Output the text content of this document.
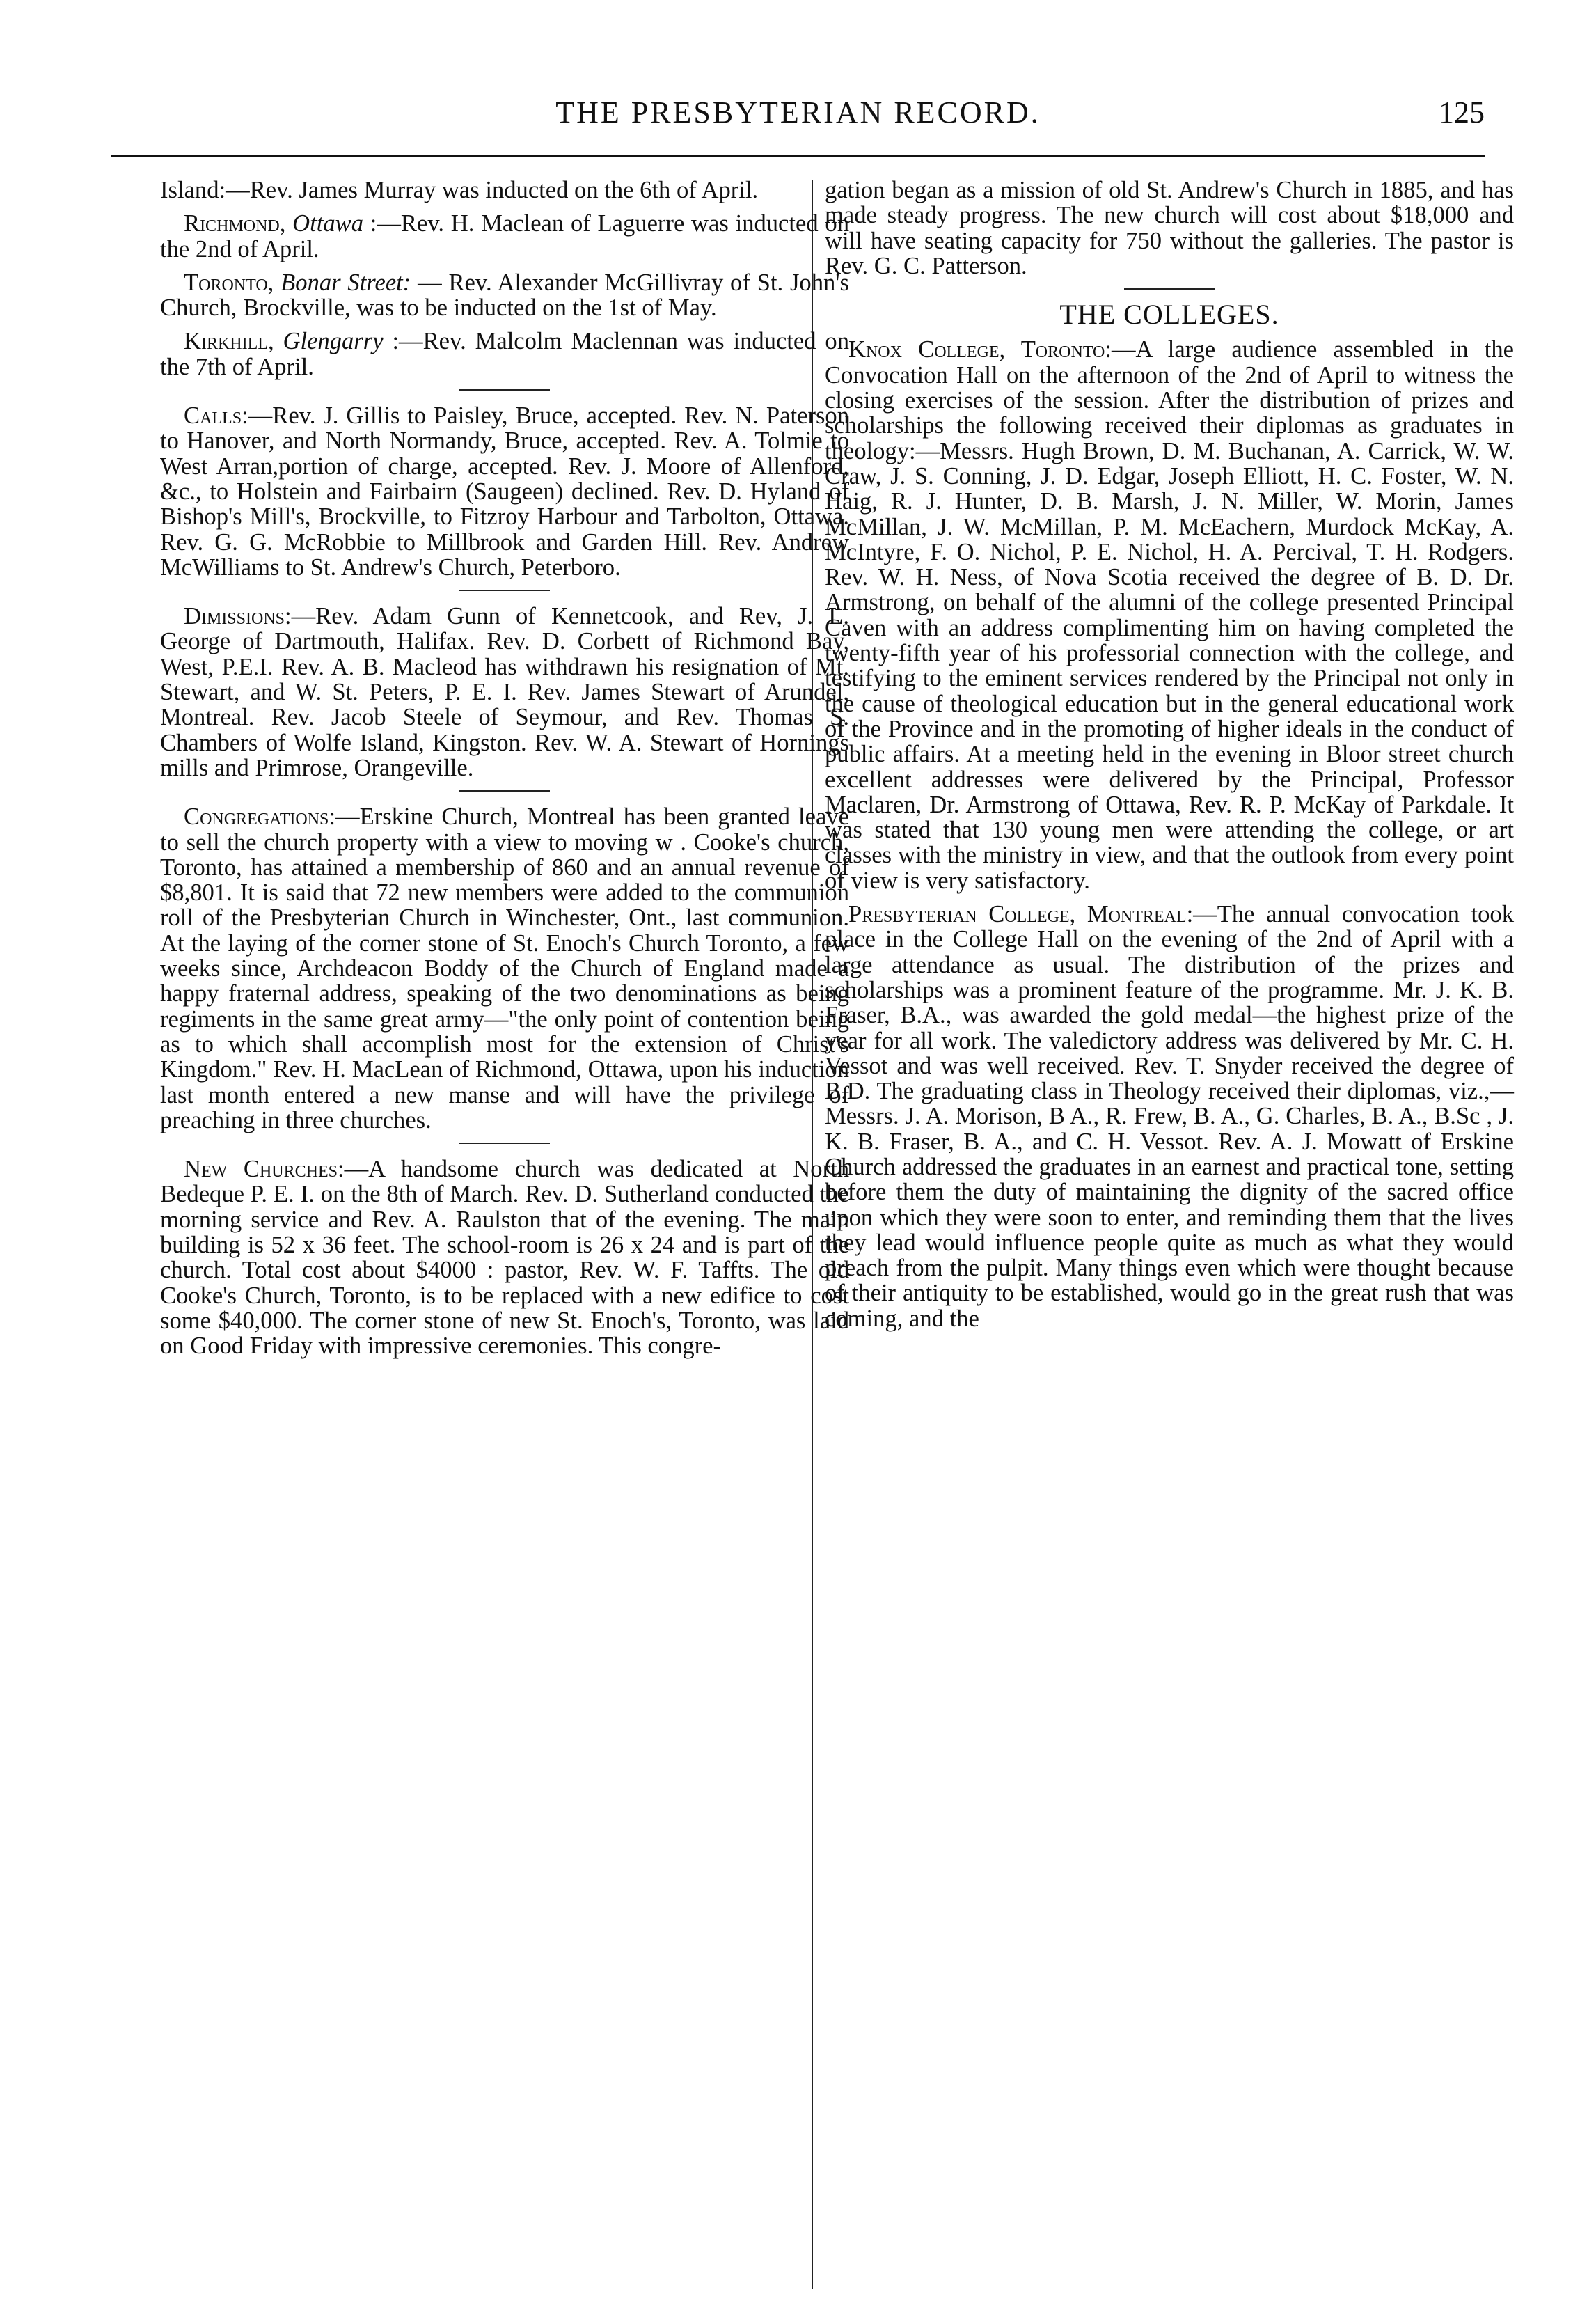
THE PRESBYTERIAN RECORD.	125

Island:—Rev. James Murray was inducted on the 6th of April.

Richmond, Ottawa :—Rev. H. Maclean of Laguerre was inducted on the 2nd of April.

Toronto, Bonar Street: — Rev. Alexander McGillivray of St. John's Church, Brockville, was to be inducted on the 1st of May.

Kirkhill, Glengarry :—Rev. Malcolm Maclennan was inducted on the 7th of April.

Calls:—Rev. J. Gillis to Paisley, Bruce, accepted. Rev. N. Paterson to Hanover, and North Normandy, Bruce, accepted. Rev. A. Tolmie to West Arran,portion of charge, accepted. Rev. J. Moore of Allenford, &c., to Holstein and Fairbairn (Saugeen) declined. Rev. D. Hyland of Bishop's Mill's, Brockville, to Fitzroy Harbour and Tarbolton, Ottawa. Rev. G. G. McRobbie to Millbrook and Garden Hill. Rev. Andrew McWilliams to St. Andrew's Church, Peterboro.

Dimissions:—Rev. Adam Gunn of Kennetcook, and Rev, J. L. George of Dartmouth, Halifax. Rev. D. Corbett of Richmond Bay, West, P.E.I. Rev. A. B. Macleod has withdrawn his resignation of Mt. Stewart, and W. St. Peters, P. E. I. Rev. James Stewart of Arundel, Montreal. Rev. Jacob Steele of Seymour, and Rev. Thomas S. Chambers of Wolfe Island, Kingston. Rev. W. A. Stewart of Hornings mills and Primrose, Orangeville.

Congregations:—Erskine Church, Montreal has been granted leave to sell the church property with a view to moving w . Cooke's church, Toronto, has attained a membership of 860 and an annual revenue of $8,801. It is said that 72 new members were added to the communion roll of the Presbyterian Church in Winchester, Ont., last communion. At the laying of the corner stone of St. Enoch's Church Toronto, a few weeks since, Archdeacon Boddy of the Church of England made a happy fraternal address, speaking of the two denominations as being regiments in the same great army—"the only point of contention being as to which shall accomplish most for the extension of Christ's Kingdom." Rev. H. MacLean of Richmond, Ottawa, upon his induction last month entered a new manse and will have the privilege of preaching in three churches.

New Churches:—A handsome church was dedicated at North Bedeque P. E. I. on the 8th of March. Rev. D. Sutherland conducted the morning service and Rev. A. Raulston that of the evening. The main building is 52 x 36 feet. The school-room is 26 x 24 and is part of the church. Total cost about $4000 : pastor, Rev. W. F. Taffts. The old Cooke's Church, Toronto, is to be replaced with a new edifice to cost some $40,000. The corner stone of new St. Enoch's, Toronto, was laid on Good Friday with impressive ceremonies. This congre-

gation began as a mission of old St. Andrew's Church in 1885, and has made steady progress. The new church will cost about $18,000 and will have seating capacity for 750 without the galleries. The pastor is Rev. G. C. Patterson.

THE COLLEGES.

Knox College, Toronto:—A large audience assembled in the Convocation Hall on the afternoon of the 2nd of April to witness the closing exercises of the session. After the distribution of prizes and scholarships the following received their diplomas as graduates in theology:—Messrs. Hugh Brown, D. M. Buchanan, A. Carrick, W. W. Craw, J. S. Conning, J. D. Edgar, Joseph Elliott, H. C. Foster, W. N. Haig, R. J. Hunter, D. B. Marsh, J. N. Miller, W. Morin, James McMillan, J. W. McMillan, P. M. McEachern, Murdock McKay, A. McIntyre, F. O. Nichol, P. E. Nichol, H. A. Percival, T. H. Rodgers. Rev. W. H. Ness, of Nova Scotia received the degree of B. D. Dr. Armstrong, on behalf of the alumni of the college presented Principal Caven with an address complimenting him on having completed the twenty-fifth year of his professorial connection with the college, and testifying to the eminent services rendered by the Principal not only in the cause of theological education but in the general educational work of the Province and in the promoting of higher ideals in the conduct of public affairs. At a meeting held in the evening in Bloor street church excellent addresses were delivered by the Principal, Professor Maclaren, Dr. Armstrong of Ottawa, Rev. R. P. McKay of Parkdale. It was stated that 130 young men were attending the college, or art classes with the ministry in view, and that the outlook from every point of view is very satisfactory.

Presbyterian College, Montreal:—The annual convocation took place in the College Hall on the evening of the 2nd of April with a large attendance as usual. The distribution of the prizes and scholarships was a prominent feature of the programme. Mr. J. K. B. Fraser, B.A., was awarded the gold medal—the highest prize of the year for all work. The valedictory address was delivered by Mr. C. H. Vessot and was well received. Rev. T. Snyder received the degree of B.D. The graduating class in Theology received their diplomas, viz.,—Messrs. J. A. Morison, B A., R. Frew, B. A., G. Charles, B. A., B.Sc , J. K. B. Fraser, B. A., and C. H. Vessot. Rev. A. J. Mowatt of Erskine Church addressed the graduates in an earnest and practical tone, setting before them the duty of maintaining the dignity of the sacred office upon which they were soon to enter, and reminding them that the lives they lead would influence people quite as much as what they would preach from the pulpit. Many things even which were thought because of their antiquity to be established, would go in the great rush that was coming, and the
